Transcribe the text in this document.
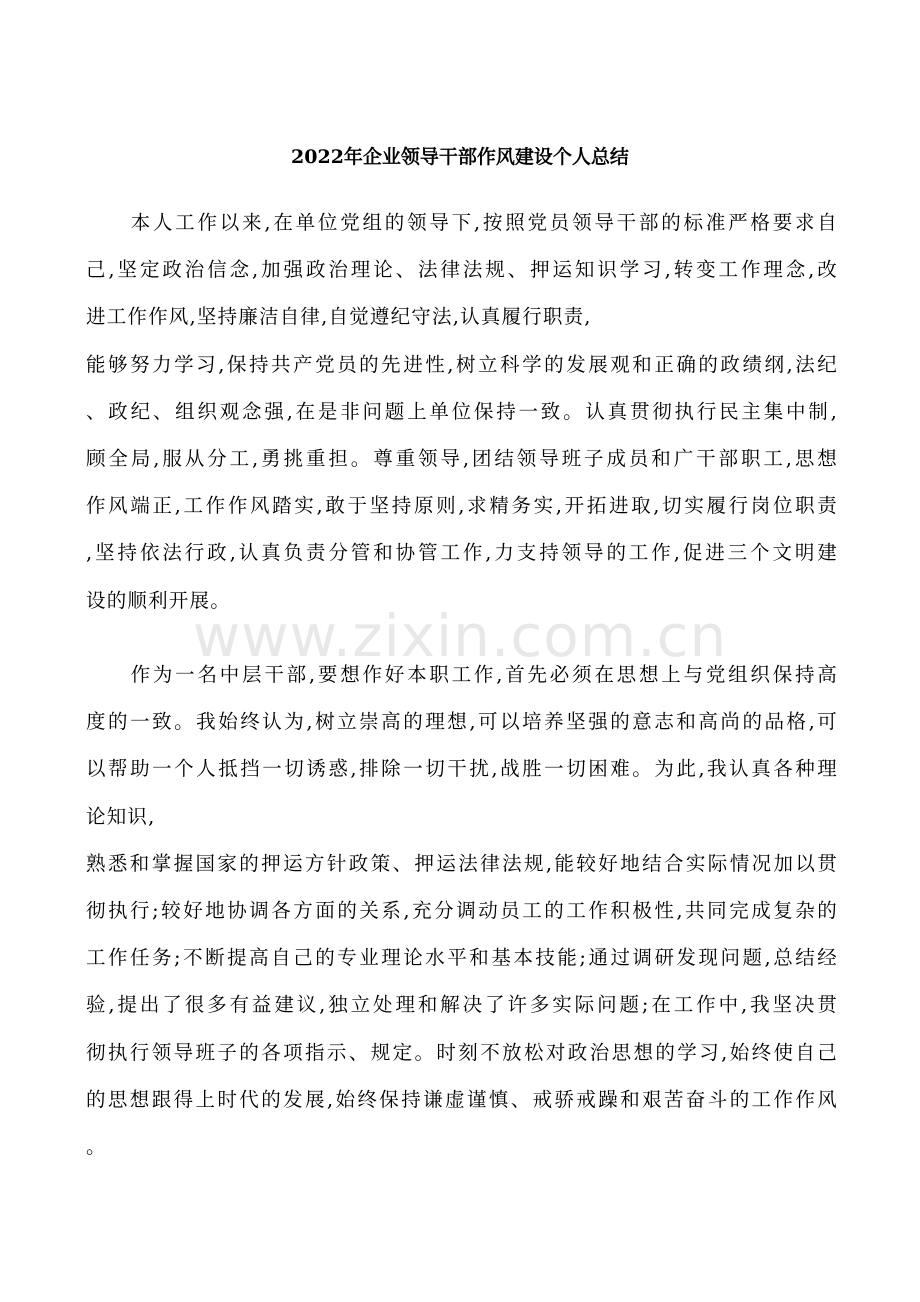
www.zixin.com.cn
2022年企业领导干部作风建设个人总结
　　本人工作以来,在单位党组的领导下,按照党员领导干部的标准严格要求自
己,坚定政治信念,加强政治理论、法律法规、押运知识学习,转变工作理念,改
进工作作风,坚持廉洁自律,自觉遵纪守法,认真履行职责,
能够努力学习,保持共产党员的先进性,树立科学的发展观和正确的政绩纲,法纪
、政纪、组织观念强,在是非问题上单位保持一致。认真贯彻执行民主集中制,
顾全局,服从分工,勇挑重担。尊重领导,团结领导班子成员和广干部职工,思想
作风端正,工作作风踏实,敢于坚持原则,求精务实,开拓进取,切实履行岗位职责
,坚持依法行政,认真负责分管和协管工作,力支持领导的工作,促进三个文明建
设的顺利开展。
　　作为一名中层干部,要想作好本职工作,首先必须在思想上与党组织保持高
度的一致。我始终认为,树立崇高的理想,可以培养坚强的意志和高尚的品格,可
以帮助一个人抵挡一切诱惑,排除一切干扰,战胜一切困难。为此,我认真各种理
论知识,
熟悉和掌握国家的押运方针政策、押运法律法规,能较好地结合实际情况加以贯
彻执行;较好地协调各方面的关系,充分调动员工的工作积极性,共同完成复杂的
工作任务;不断提高自己的专业理论水平和基本技能;通过调研发现问题,总结经
验,提出了很多有益建议,独立处理和解决了许多实际问题;在工作中,我坚决贯
彻执行领导班子的各项指示、规定。时刻不放松对政治思想的学习,始终使自己
的思想跟得上时代的发展,始终保持谦虚谨慎、戒骄戒躁和艰苦奋斗的工作作风
。
